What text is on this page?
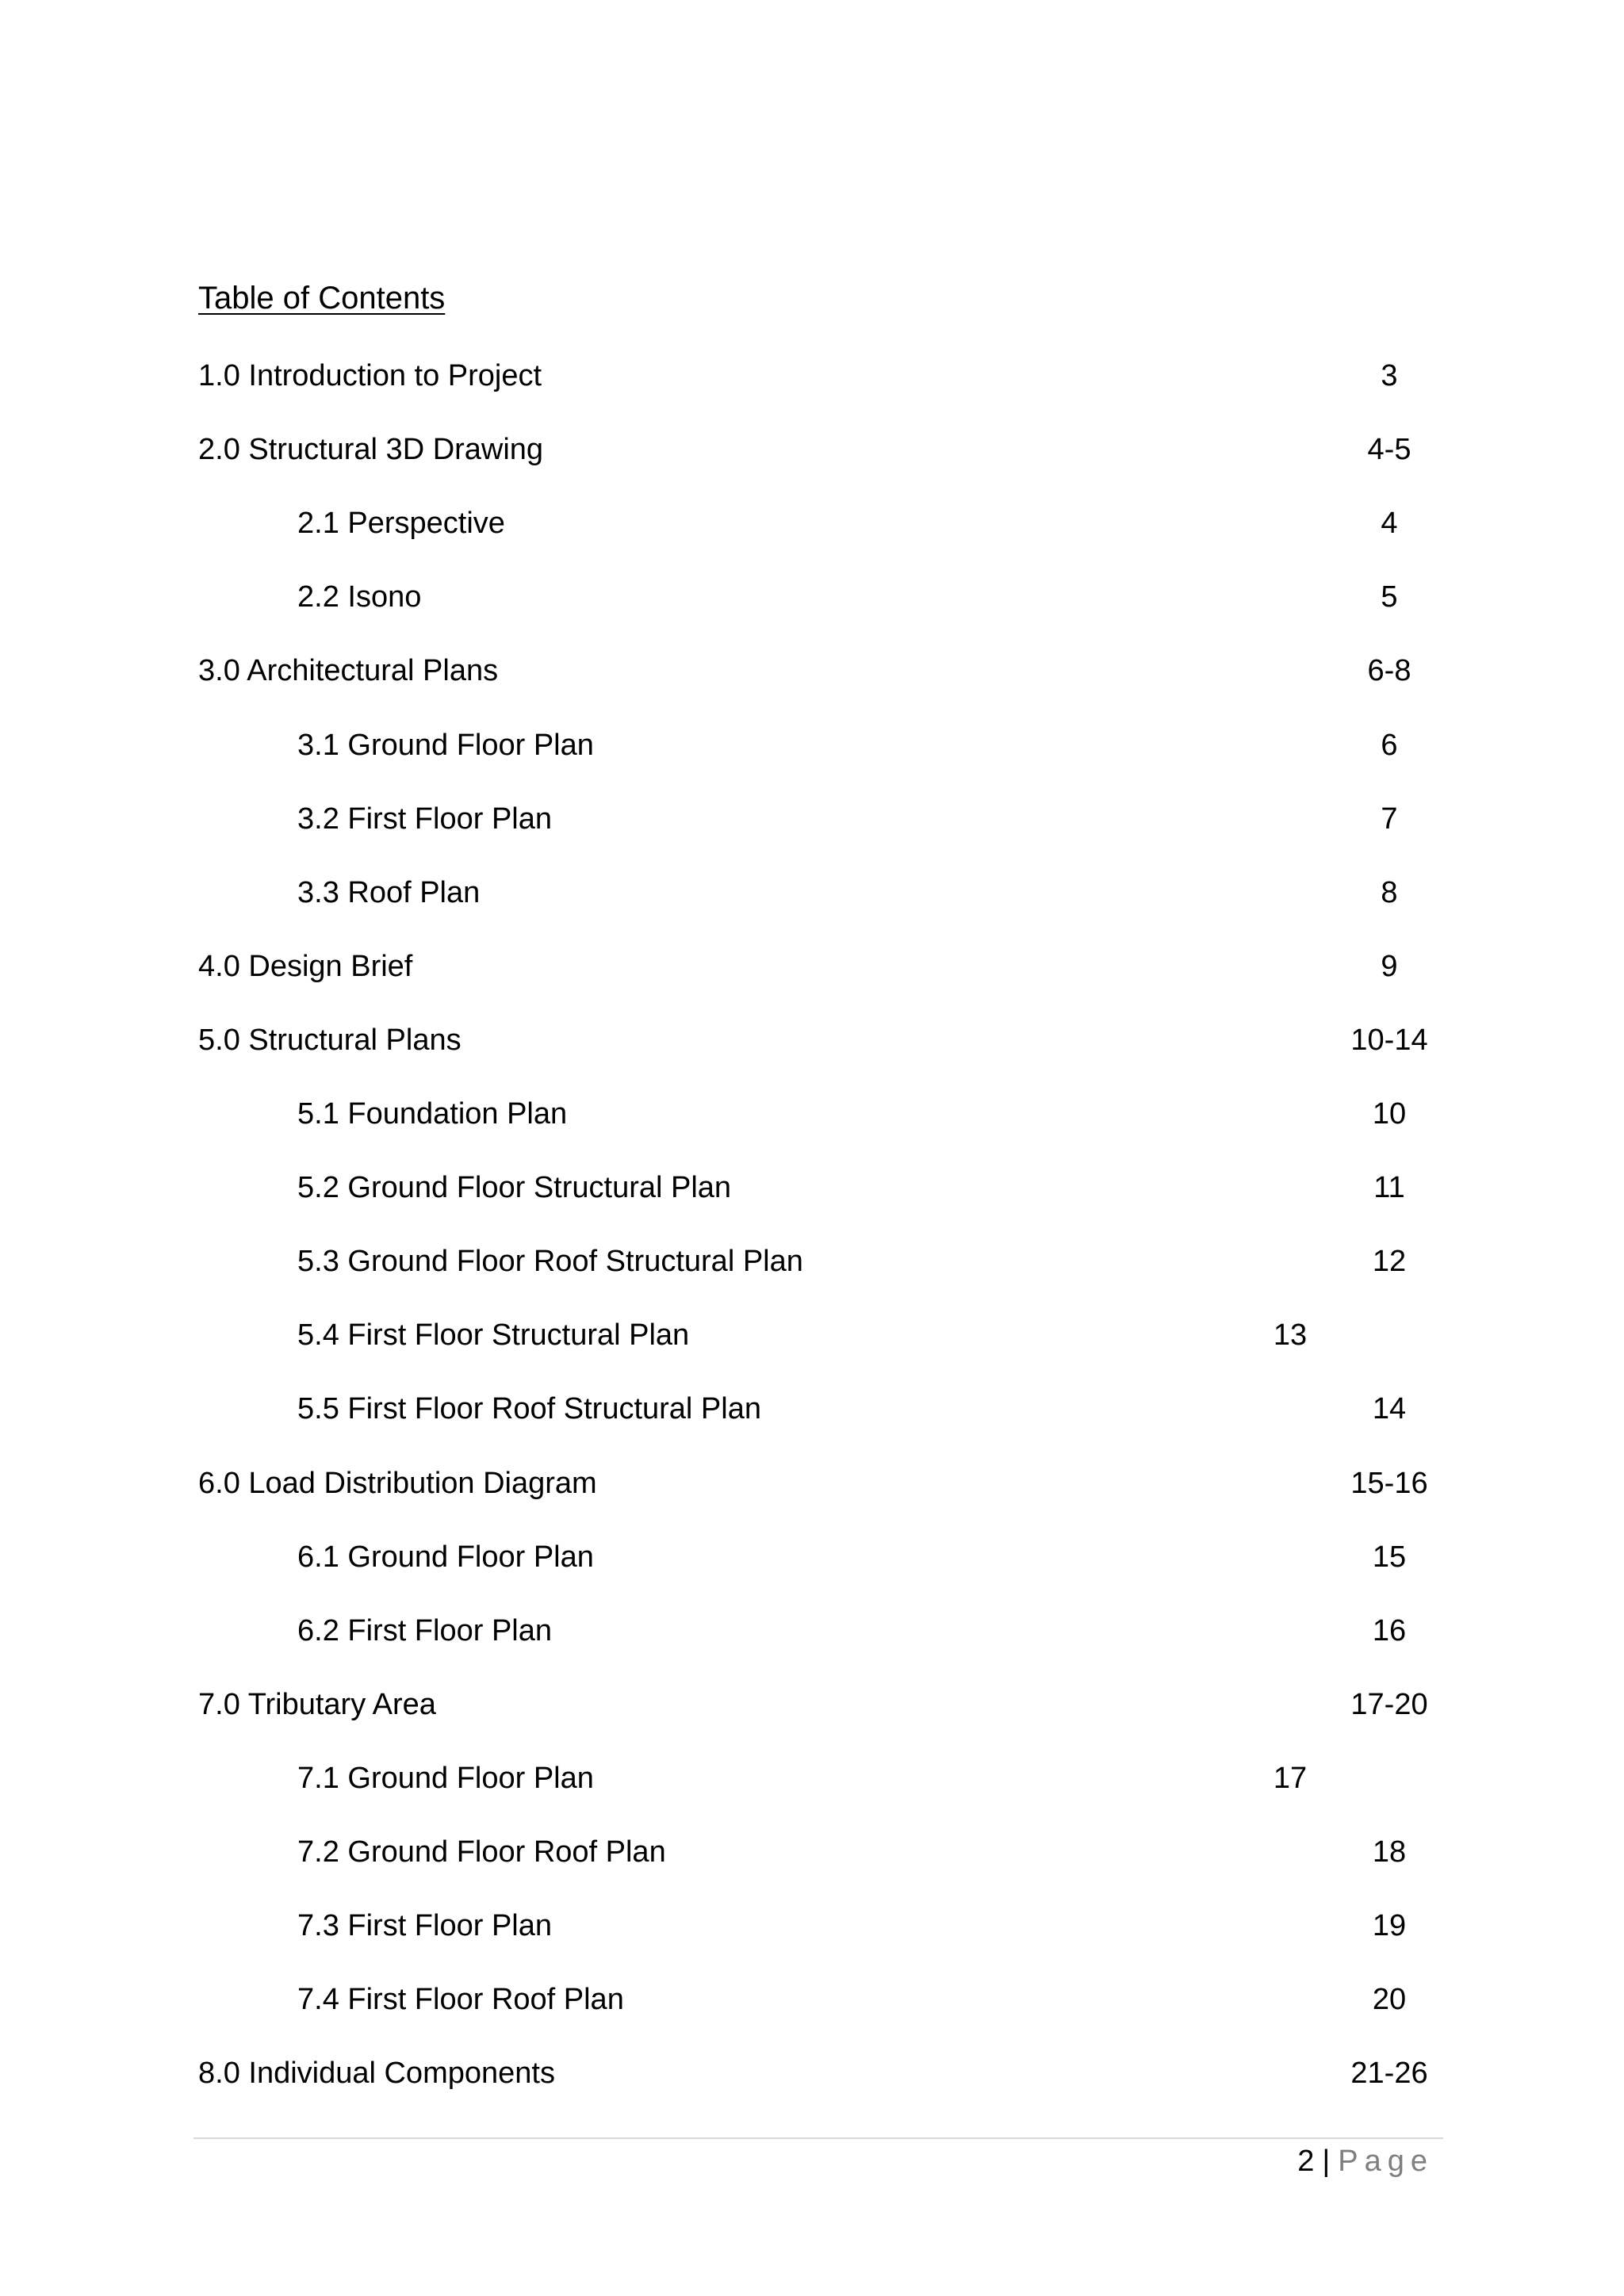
Table of Contents
1.0 Introduction to Project	3
2.0 Structural 3D Drawing	4-5
2.1 Perspective	4
2.2 Isono	5
3.0 Architectural Plans	6-8
3.1 Ground Floor Plan	6
3.2 First Floor Plan	7
3.3 Roof Plan	8
4.0 Design Brief	9
5.0 Structural Plans	10-14
5.1 Foundation Plan	10
5.2 Ground Floor Structural Plan	11
5.3 Ground Floor Roof Structural Plan	12
5.4 First Floor Structural Plan	13
5.5 First Floor Roof Structural Plan	14
6.0 Load Distribution Diagram	15-16
6.1 Ground Floor Plan	15
6.2 First Floor Plan	16
7.0 Tributary Area	17-20
7.1 Ground Floor Plan	17
7.2 Ground Floor Roof Plan	18
7.3 First Floor Plan	19
7.4 First Floor Roof Plan	20
8.0 Individual Components	21-26
2 | Page
